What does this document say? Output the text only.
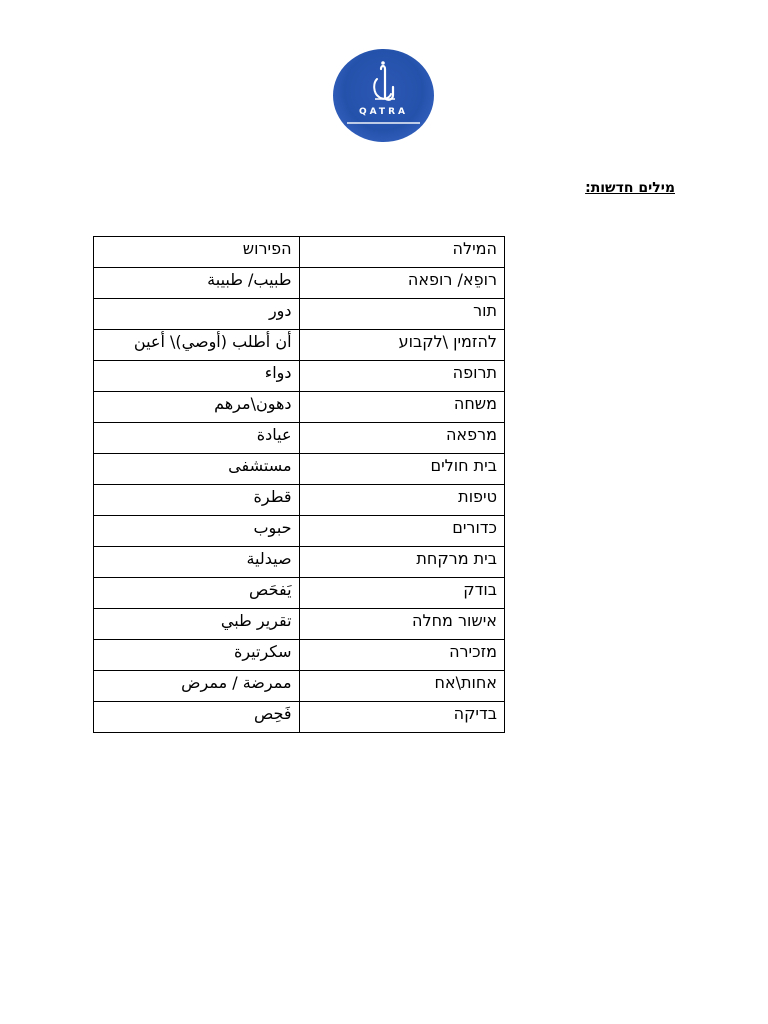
QATRA
מילים חדשות:
המילה	הפירוש
רופֵא/ רופאה	طبيب/ طبيبة
תור	دور
להזמין \לקבוע	أن أطلب (أوصي)\ أعين
תרופה	دواء
משחה	دهون\مرهم
מרפאה	عيادة
בית חולים	مستشفى
טיפות	قطرة
כדורים	حبوب
בית מרקחת	صيدلية
בודק	يَفحَص
אישור מחלה	تقرير طبي
מזכירה	سكرتيرة
אחות\אח	ممرضة / ممرض
בדיקה	فَحِص
